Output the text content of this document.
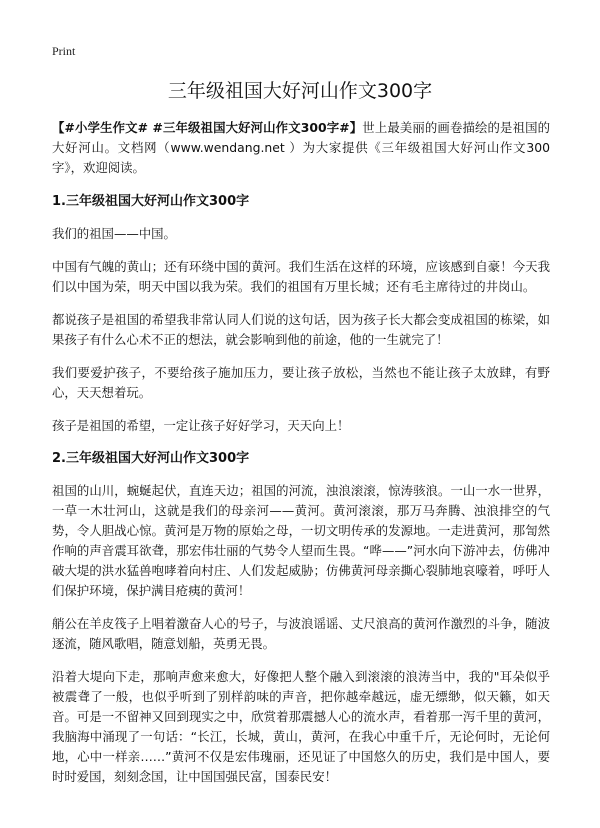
Print
三年级祖国大好河山作文300字

【#小学生作文# #三年级祖国大好河山作文300字#】世上最美丽的画卷描绘的是祖国的大好河山。文档网（www.wendang.net ）为大家提供《三年级祖国大好河山作文300字》，欢迎阅读。

1.三年级祖国大好河山作文300字

我们的祖国——中国。

中国有气魄的黄山；还有环绕中国的黄河。我们生活在这样的环境，应该感到自豪！今天我们以中国为荣，明天中国以我为荣。我们的祖国有万里长城；还有毛主席待过的井岗山。

都说孩子是祖国的希望我非常认同人们说的这句话，因为孩子长大都会变成祖国的栋梁，如果孩子有什么心术不正的想法，就会影响到他的前途，他的一生就完了！

我们要爱护孩子，不要给孩子施加压力，要让孩子放松，当然也不能让孩子太放肆，有野心，天天想着玩。

孩子是祖国的希望，一定让孩子好好学习，天天向上！

2.三年级祖国大好河山作文300字

祖国的山川，蜿蜒起伏，直连天边；祖国的河流，浊浪滚滚，惊涛骇浪。一山一水一世界，一草一木壮河山，这就是我们的母亲河——黄河。黄河滚滚，那万马奔腾、浊浪排空的气势，令人胆战心惊。黄河是万物的原始之母，一切文明传承的发源地。一走进黄河，那訇然作响的声音震耳欲聋，那宏伟壮丽的气势令人望而生畏。“哗——”河水向下游冲去，仿佛冲破大堤的洪水猛兽咆哮着向村庄、人们发起威胁；仿佛黄河母亲撕心裂肺地哀嚎着，呼吁人们保护环境，保护满目疮痍的黄河！

艄公在羊皮筏子上唱着激奋人心的号子，与波浪谣谣、丈尺浪高的黄河作激烈的斗争，随波逐流，随风歌唱，随意划船，英勇无畏。

沿着大堤向下走，那响声愈来愈大，好像把人整个融入到滚滚的浪涛当中，我的"耳朵似乎被震聋了一般，也似乎听到了别样韵味的声音，把你越牵越远，虚无缥缈，似天籁，如天音。可是一不留神又回到现实之中，欣赏着那震撼人心的流水声，看着那一泻千里的黄河，我脑海中涌现了一句话：“长江，长城，黄山，黄河，在我心中重千斤，无论何时，无论何地，心中一样亲……”黄河不仅是宏伟瑰丽，还见证了中国悠久的历史，我们是中国人，要时时爱国，刻刻念国，让中国国强民富，国泰民安！
